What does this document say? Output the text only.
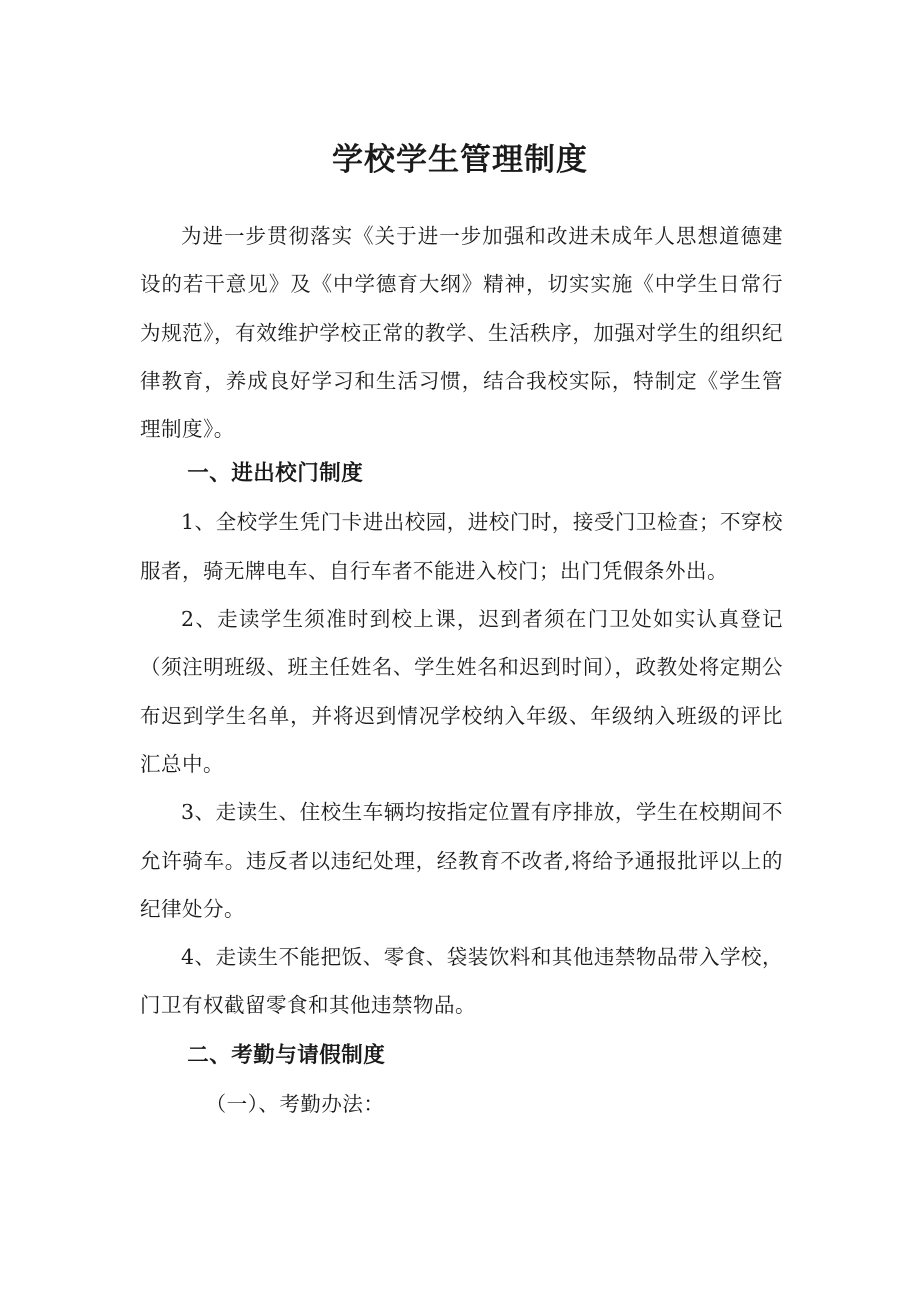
学校学生管理制度

为进一步贯彻落实《关于进一步加强和改进未成年人思想道德建设的若干意见》及《中学德育大纲》精神，切实实施《中学生日常行为规范》，有效维护学校正常的教学、生活秩序，加强对学生的组织纪律教育，养成良好学习和生活习惯，结合我校实际，特制定《学生管理制度》。

一、进出校门制度

1、全校学生凭门卡进出校园，进校门时，接受门卫检查；不穿校服者，骑无牌电车、自行车者不能进入校门；出门凭假条外出。

2、走读学生须准时到校上课，迟到者须在门卫处如实认真登记（须注明班级、班主任姓名、学生姓名和迟到时间），政教处将定期公布迟到学生名单，并将迟到情况学校纳入年级、年级纳入班级的评比汇总中。

3、走读生、住校生车辆均按指定位置有序排放，学生在校期间不允许骑车。违反者以违纪处理，经教育不改者,将给予通报批评以上的纪律处分。

4、走读生不能把饭、零食、袋装饮料和其他违禁物品带入学校，门卫有权截留零食和其他违禁物品。

二、考勤与请假制度

（一）、考勤办法：
